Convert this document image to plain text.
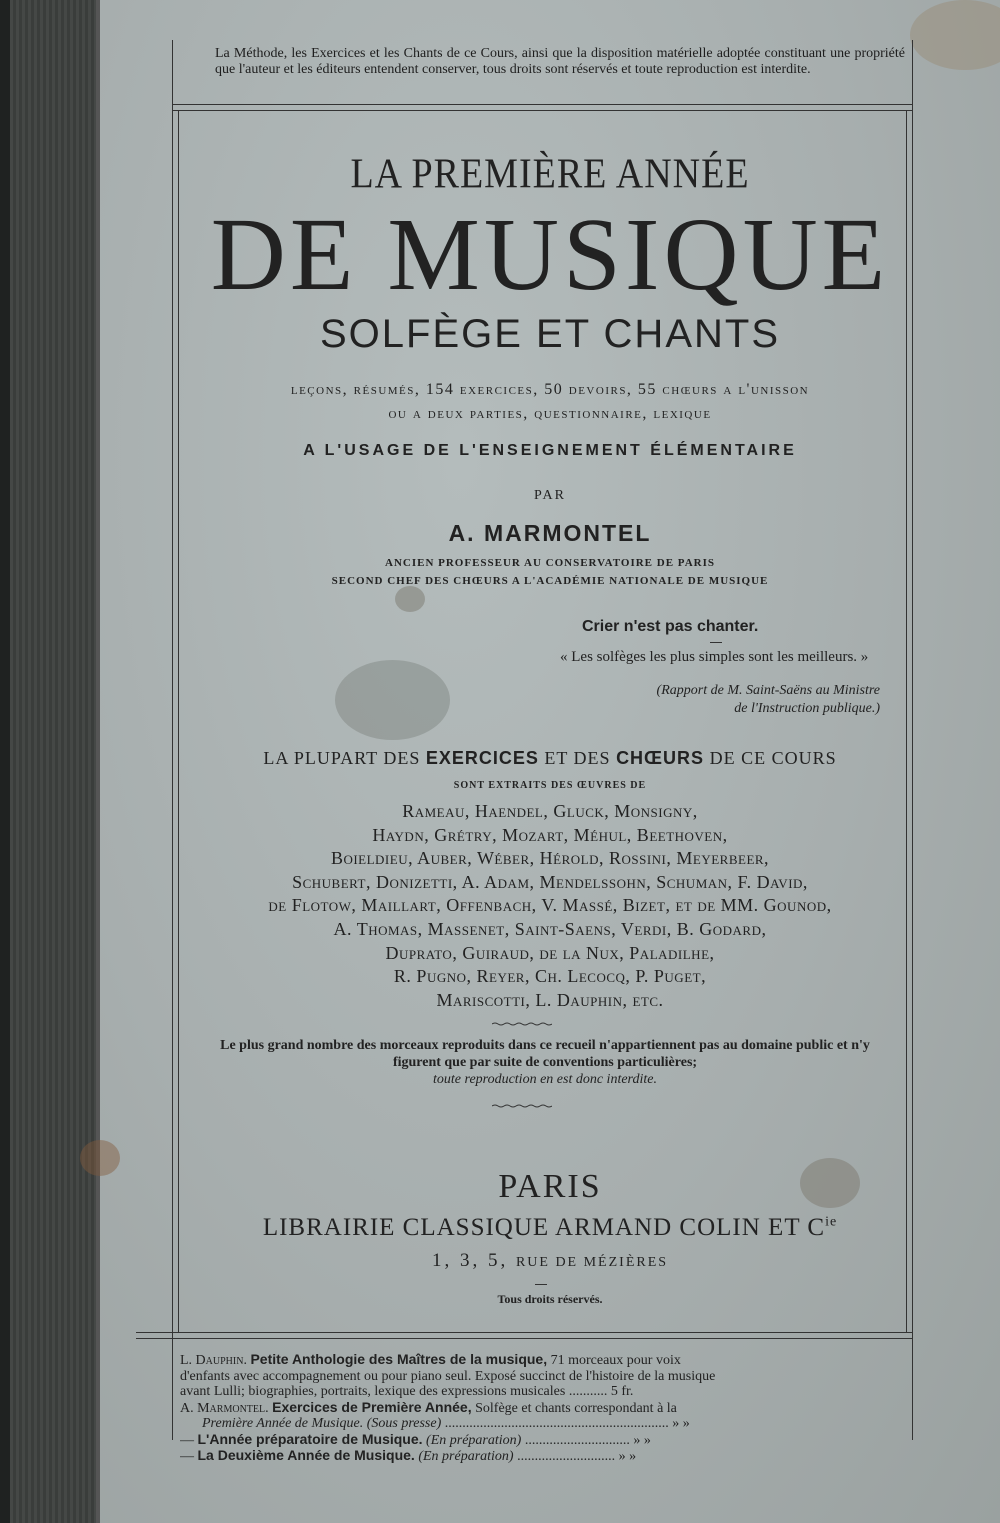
La Méthode, les Exercices et les Chants de ce Cours, ainsi que la disposition matérielle adoptée constituant une propriété que l'auteur et les éditeurs entendent conserver, tous droits sont réservés et toute reproduction est interdite.
LA PREMIÈRE ANNÉE
DE MUSIQUE
SOLFÈGE ET CHANTS
leçons, résumés, 154 exercices, 50 devoirs, 55 chœurs a l'unisson
ou a deux parties, questionnaire, lexique
A L'USAGE DE L'ENSEIGNEMENT ÉLÉMENTAIRE
PAR
A. MARMONTEL
ANCIEN PROFESSEUR AU CONSERVATOIRE DE PARIS
SECOND CHEF DES CHŒURS A L'ACADÉMIE NATIONALE DE MUSIQUE
Crier n'est pas chanter.
« Les solfèges les plus simples sont les meilleurs. »
(Rapport de M. Saint-Saëns au Ministre
de l'Instruction publique.)
LA PLUPART DES EXERCICES ET DES CHŒURS DE CE COURS
SONT EXTRAITS DES ŒUVRES DE
Rameau, Haendel, Gluck, Monsigny,
Haydn, Grétry, Mozart, Méhul, Beethoven,
Boieldieu, Auber, Wéber, Hérold, Rossini, Meyerbeer,
Schubert, Donizetti, A. Adam, Mendelssohn, Schuman, F. David,
de Flotow, Maillart, Offenbach, V. Massé, Bizet, et de MM. Gounod,
A. Thomas, Massenet, Saint-Saens, Verdi, B. Godard,
Duprato, Guiraud, de la Nux, Paladilhe,
R. Pugno, Reyer, Ch. Lecocq, P. Puget,
Mariscotti, L. Dauphin, etc.
Le plus grand nombre des morceaux reproduits dans ce recueil n'appartiennent pas au domaine public et n'y figurent que par suite de conventions particulières;
toute reproduction en est donc interdite.
PARIS
LIBRAIRIE CLASSIQUE ARMAND COLIN ET $C^{ie}$
1, 3, 5, RUE DE MÉZIÈRES
Tous droits réservés.
L. Dauphin. Petite Anthologie des Maîtres de la musique, 71 morceaux pour voix
d'enfants avec accompagnement ou pour piano seul. Exposé succinct de l'histoire de la musique
avant Lulli; biographies, portraits, lexique des expressions musicales ........... 5 fr.
A. Marmontel. Exercices de Première Année, Solfège et chants correspondant à la
Première Année de Musique. (Sous presse) ................................................................ » »
— L'Année préparatoire de Musique. (En préparation) .............................. » »
— La Deuxième Année de Musique. (En préparation) ............................ » »
